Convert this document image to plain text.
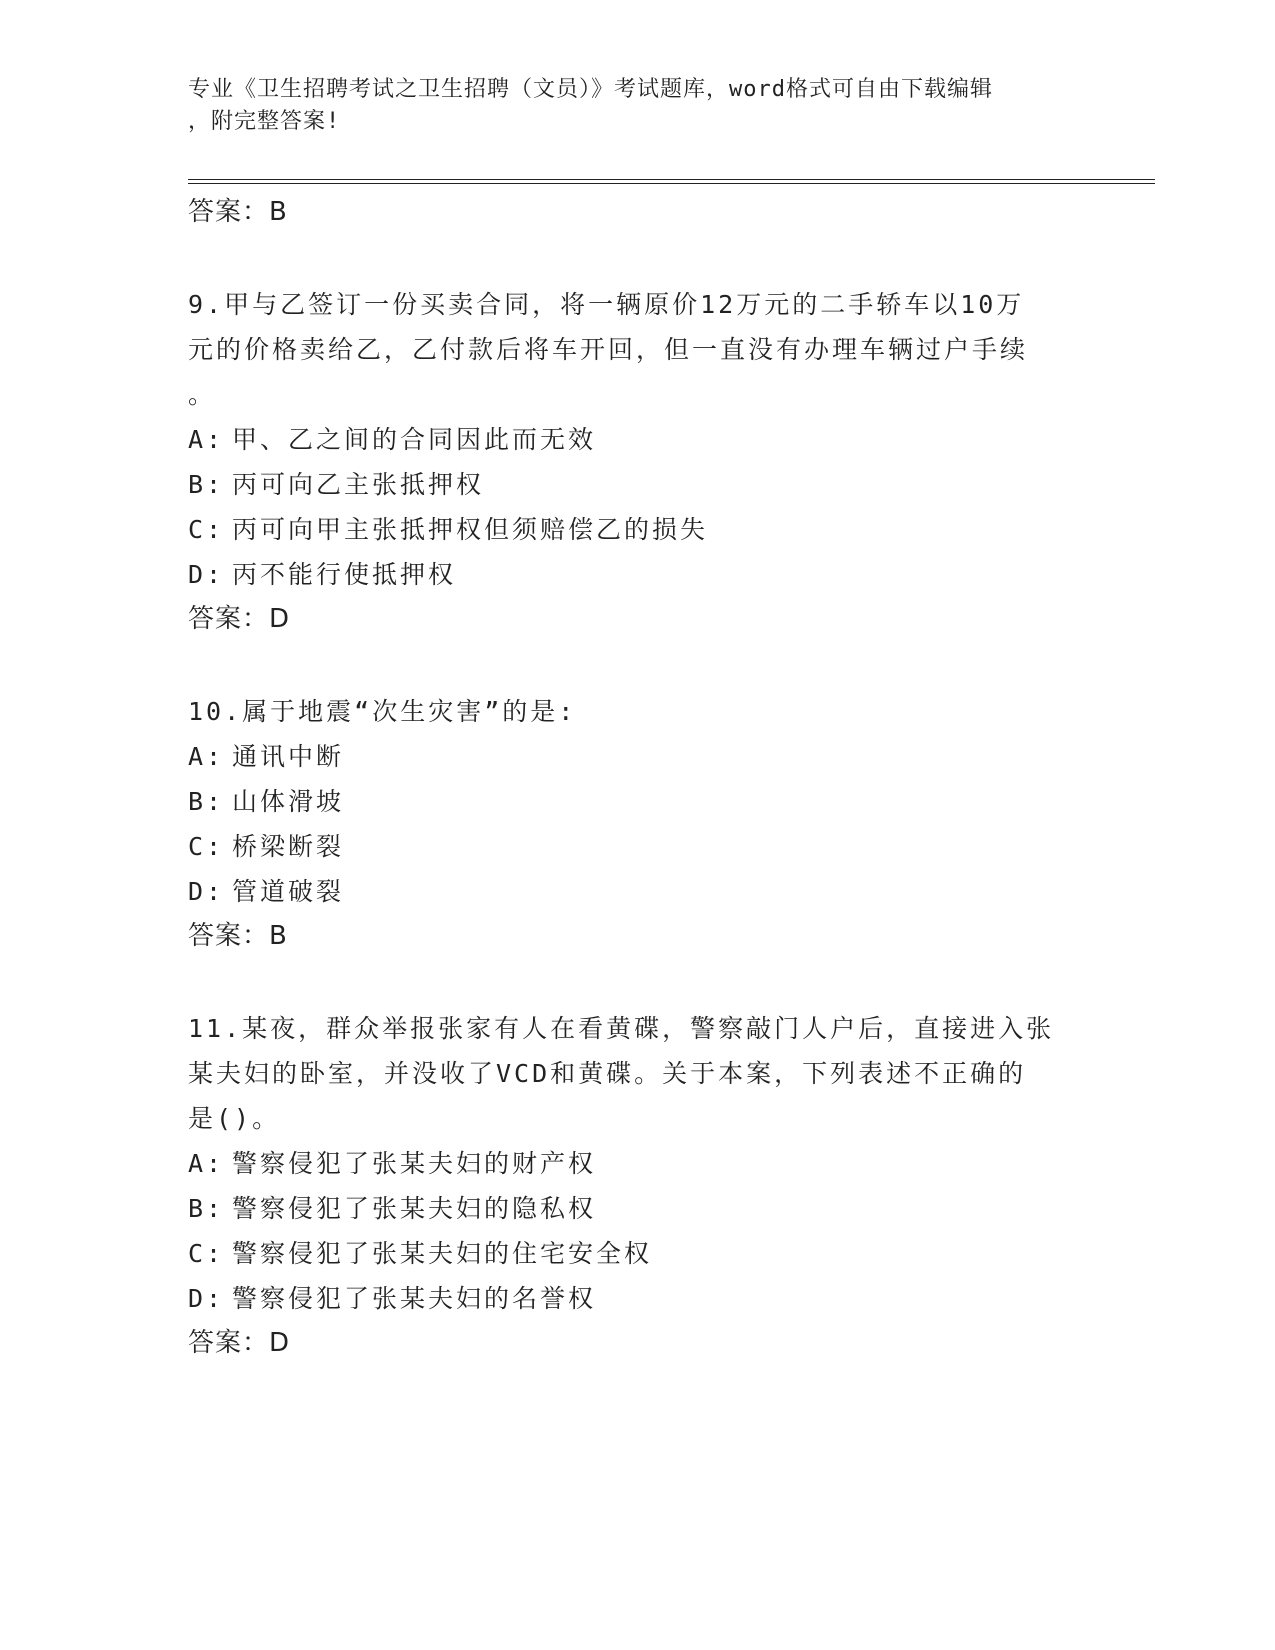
专业《卫生招聘考试之卫生招聘（文员）》考试题库，word格式可自由下载编辑
，附完整答案!
答案：B
9.甲与乙签订一份买卖合同，将一辆原价12万元的二手轿车以10万
元的价格卖给乙，乙付款后将车开回，但一直没有办理车辆过户手续
。
A: 甲、乙之间的合同因此而无效
B: 丙可向乙主张抵押权
C: 丙可向甲主张抵押权但须赔偿乙的损失
D: 丙不能行使抵押权
答案：D
10.属于地震“次生灾害”的是:
A: 通讯中断
B: 山体滑坡
C: 桥梁断裂
D: 管道破裂
答案：B
11.某夜，群众举报张家有人在看黄碟，警察敲门人户后，直接进入张
某夫妇的卧室，并没收了VCD和黄碟。关于本案，下列表述不正确的
是()。
A: 警察侵犯了张某夫妇的财产权
B: 警察侵犯了张某夫妇的隐私权
C: 警察侵犯了张某夫妇的住宅安全权
D: 警察侵犯了张某夫妇的名誉权
答案：D
